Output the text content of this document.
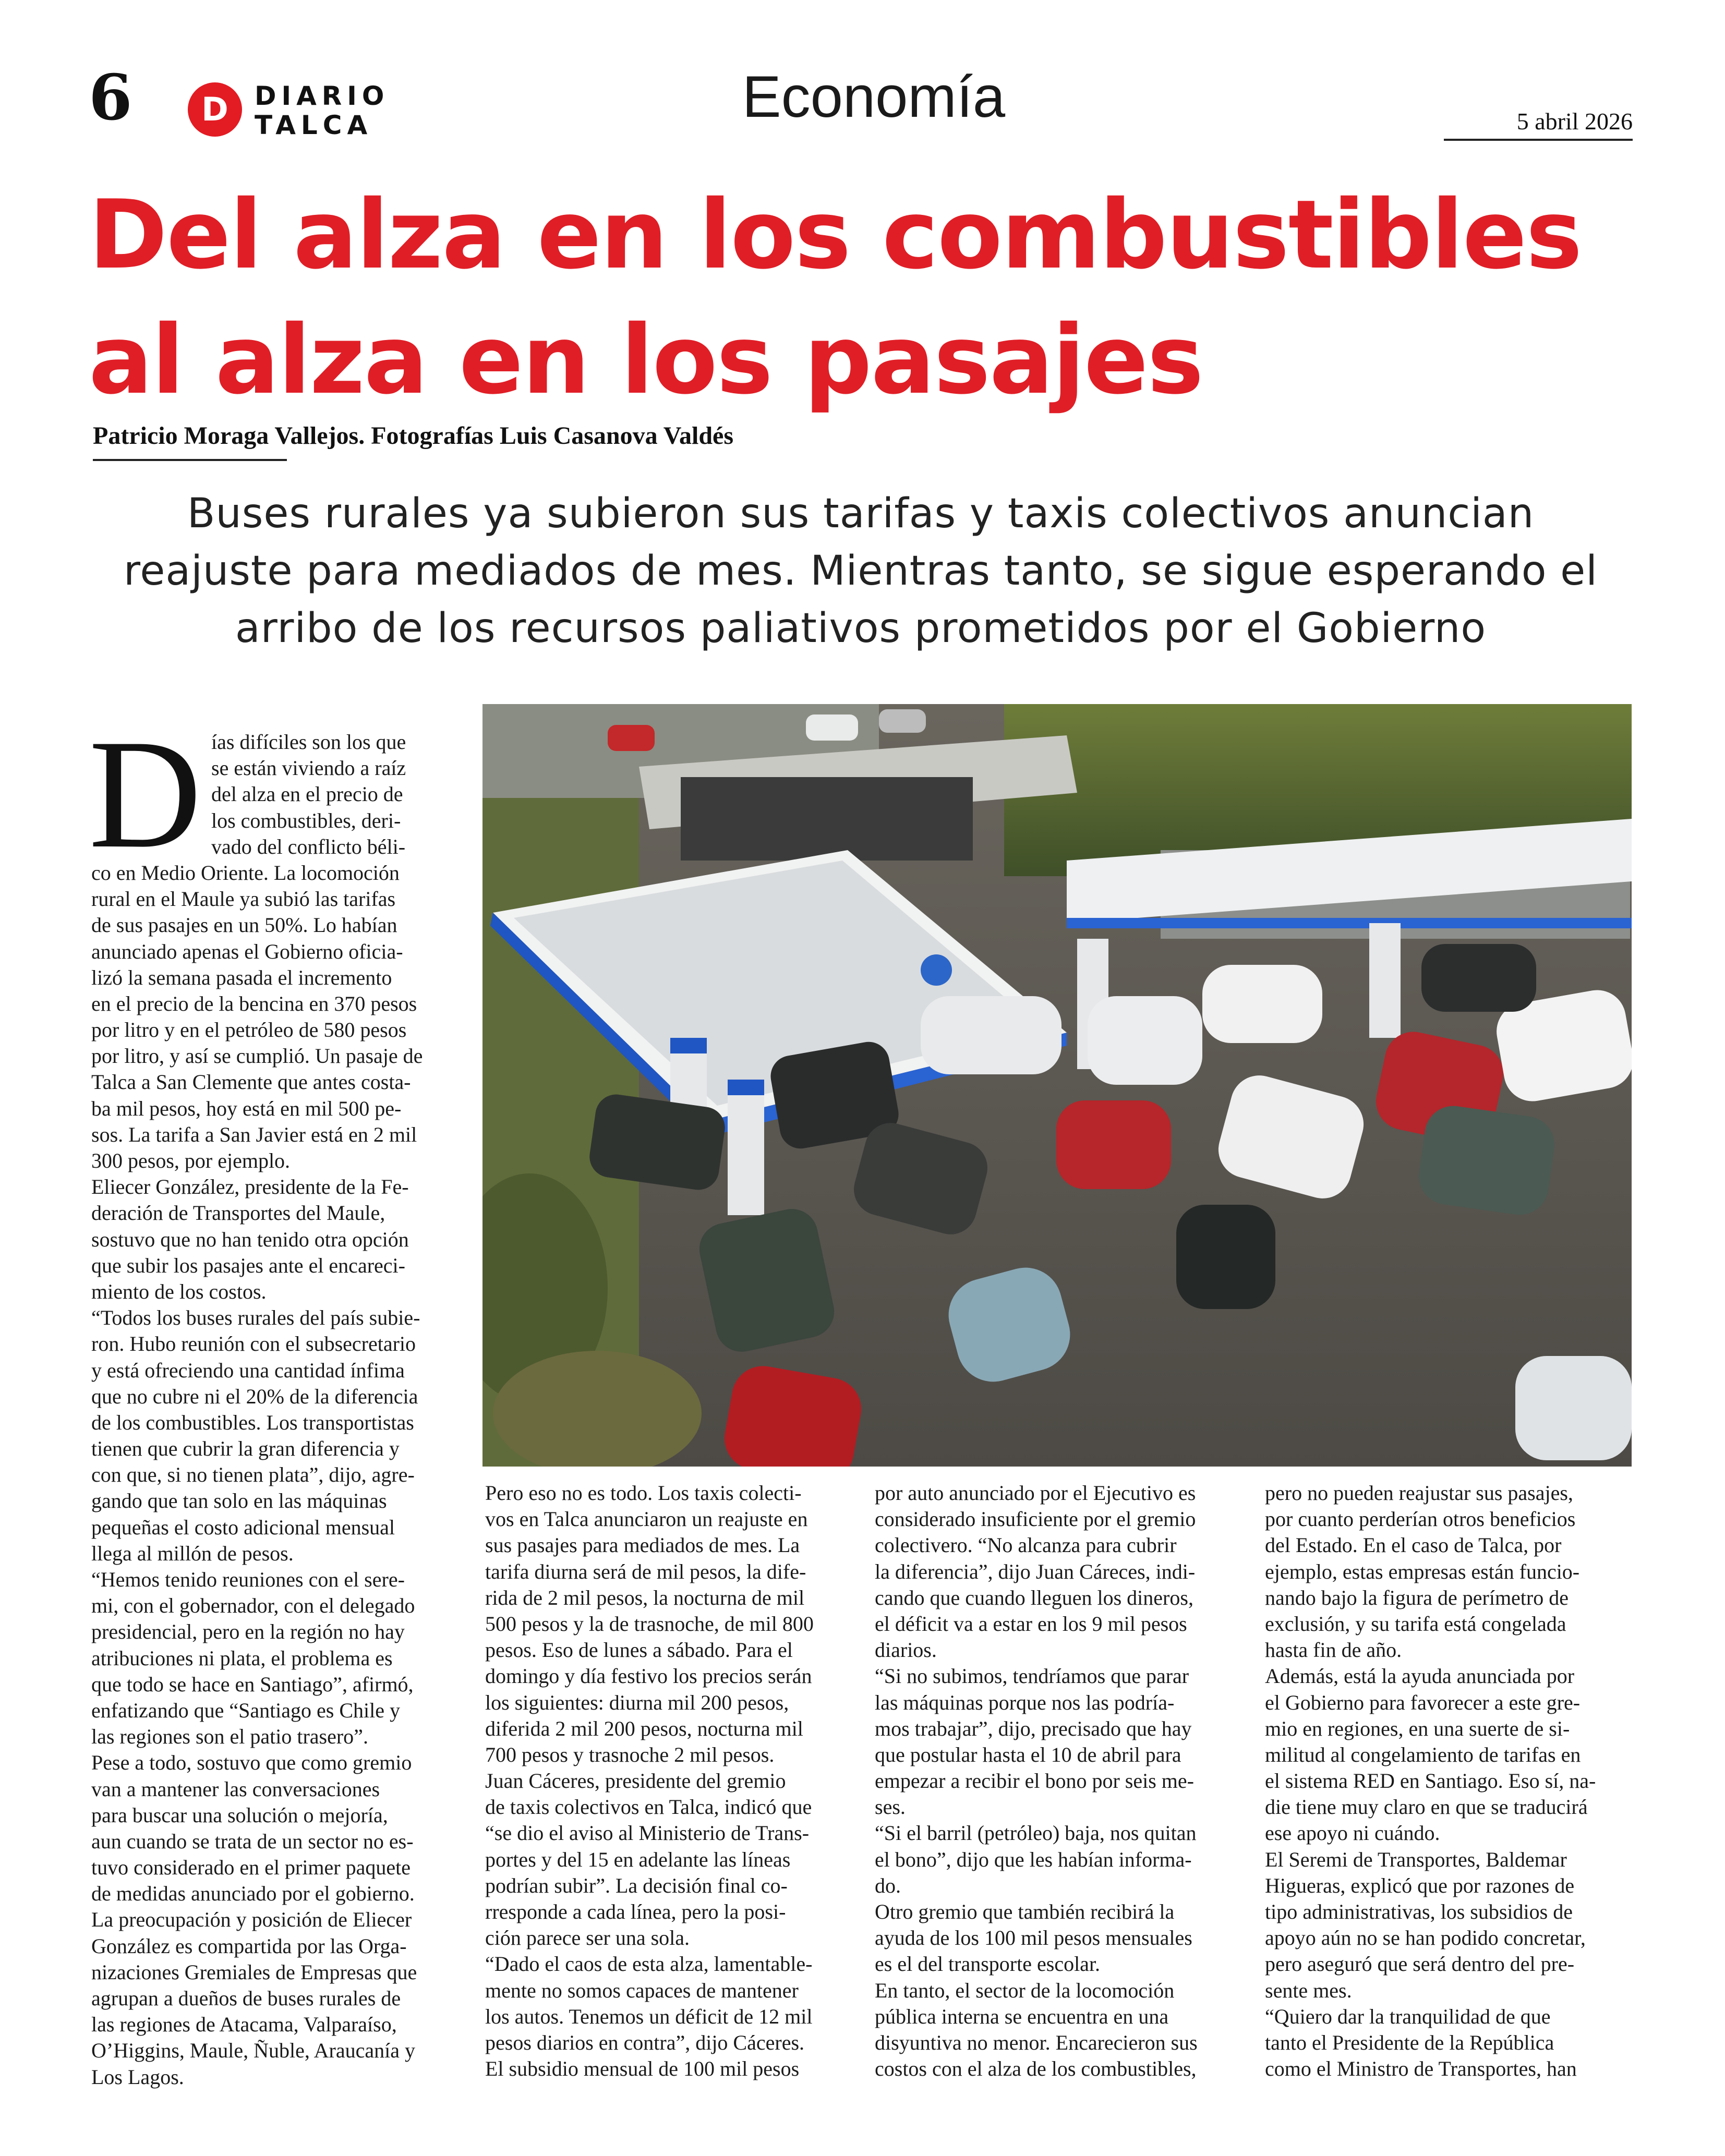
6	D	DIARIO
TALCA	Economía	5 abril 2026
Del alza en los combustibles
al alza en los pasajes
Patricio Moraga Vallejos. Fotografías Luis Casanova Valdés
Buses rurales ya subieron sus tarifas y taxis colectivos anuncian
reajuste para mediados de mes. Mientras tanto, se sigue esperando el
arribo de los recursos paliativos prometidos por el Gobierno
D ías difíciles son los que
se están viviendo a raíz
del alza en el precio de
los combustibles, deri-
vado del conflicto béli-
co en Medio Oriente. La locomoción
rural en el Maule ya subió las tarifas
de sus pasajes en un 50%. Lo habían
anunciado apenas el Gobierno oficia-
lizó la semana pasada el incremento
en el precio de la bencina en 370 pesos
por litro y en el petróleo de 580 pesos
por litro, y así se cumplió. Un pasaje de
Talca a San Clemente que antes costa-
ba mil pesos, hoy está en mil 500 pe-
sos. La tarifa a San Javier está en 2 mil
300 pesos, por ejemplo.
Eliecer González, presidente de la Fe-
deración de Transportes del Maule,
sostuvo que no han tenido otra opción
que subir los pasajes ante el encareci-
miento de los costos.
“Todos los buses rurales del país subie-
ron. Hubo reunión con el subsecretario
y está ofreciendo una cantidad ínfima
que no cubre ni el 20% de la diferencia
de los combustibles. Los transportistas
tienen que cubrir la gran diferencia y
con que, si no tienen plata”, dijo, agre-
gando que tan solo en las máquinas
pequeñas el costo adicional mensual
llega al millón de pesos.
“Hemos tenido reuniones con el sere-
mi, con el gobernador, con el delegado
presidencial, pero en la región no hay
atribuciones ni plata, el problema es
que todo se hace en Santiago”, afirmó,
enfatizando que “Santiago es Chile y
las regiones son el patio trasero”.
Pese a todo, sostuvo que como gremio
van a mantener las conversaciones
para buscar una solución o mejoría,
aun cuando se trata de un sector no es-
tuvo considerado en el primer paquete
de medidas anunciado por el gobierno.
La preocupación y posición de Eliecer
González es compartida por las Orga-
nizaciones Gremiales de Empresas que
agrupan a dueños de buses rurales de
las regiones de Atacama, Valparaíso,
O’Higgins, Maule, Ñuble, Araucanía y
Los Lagos.
Pero eso no es todo. Los taxis colecti-
vos en Talca anunciaron un reajuste en
sus pasajes para mediados de mes. La
tarifa diurna será de mil pesos, la dife-
rida de 2 mil pesos, la nocturna de mil
500 pesos y la de trasnoche, de mil 800
pesos. Eso de lunes a sábado. Para el
domingo y día festivo los precios serán
los siguientes: diurna mil 200 pesos,
diferida 2 mil 200 pesos, nocturna mil
700 pesos y trasnoche 2 mil pesos.
Juan Cáceres, presidente del gremio
de taxis colectivos en Talca, indicó que
“se dio el aviso al Ministerio de Trans-
portes y del 15 en adelante las líneas
podrían subir”. La decisión final co-
rresponde a cada línea, pero la posi-
ción parece ser una sola.
“Dado el caos de esta alza, lamentable-
mente no somos capaces de mantener
los autos. Tenemos un déficit de 12 mil
pesos diarios en contra”, dijo Cáceres.
El subsidio mensual de 100 mil pesos
por auto anunciado por el Ejecutivo es
considerado insuficiente por el gremio
colectivero. “No alcanza para cubrir
la diferencia”, dijo Juan Cáreces, indi-
cando que cuando lleguen los dineros,
el déficit va a estar en los 9 mil pesos
diarios.
“Si no subimos, tendríamos que parar
las máquinas porque nos las podría-
mos trabajar”, dijo, precisado que hay
que postular hasta el 10 de abril para
empezar a recibir el bono por seis me-
ses.
“Si el barril (petróleo) baja, nos quitan
el bono”, dijo que les habían informa-
do.
Otro gremio que también recibirá la
ayuda de los 100 mil pesos mensuales
es el del transporte escolar.
En tanto, el sector de la locomoción
pública interna se encuentra en una
disyuntiva no menor. Encarecieron sus
costos con el alza de los combustibles,
pero no pueden reajustar sus pasajes,
por cuanto perderían otros beneficios
del Estado. En el caso de Talca, por
ejemplo, estas empresas están funcio-
nando bajo la figura de perímetro de
exclusión, y su tarifa está congelada
hasta fin de año.
Además, está la ayuda anunciada por
el Gobierno para favorecer a este gre-
mio en regiones, en una suerte de si-
militud al congelamiento de tarifas en
el sistema RED en Santiago. Eso sí, na-
die tiene muy claro en que se traducirá
ese apoyo ni cuándo.
El Seremi de Transportes, Baldemar
Higueras, explicó que por razones de
tipo administrativas, los subsidios de
apoyo aún no se han podido concretar,
pero aseguró que será dentro del pre-
sente mes.
“Quiero dar la tranquilidad de que
tanto el Presidente de la República
como el Ministro de Transportes, han
